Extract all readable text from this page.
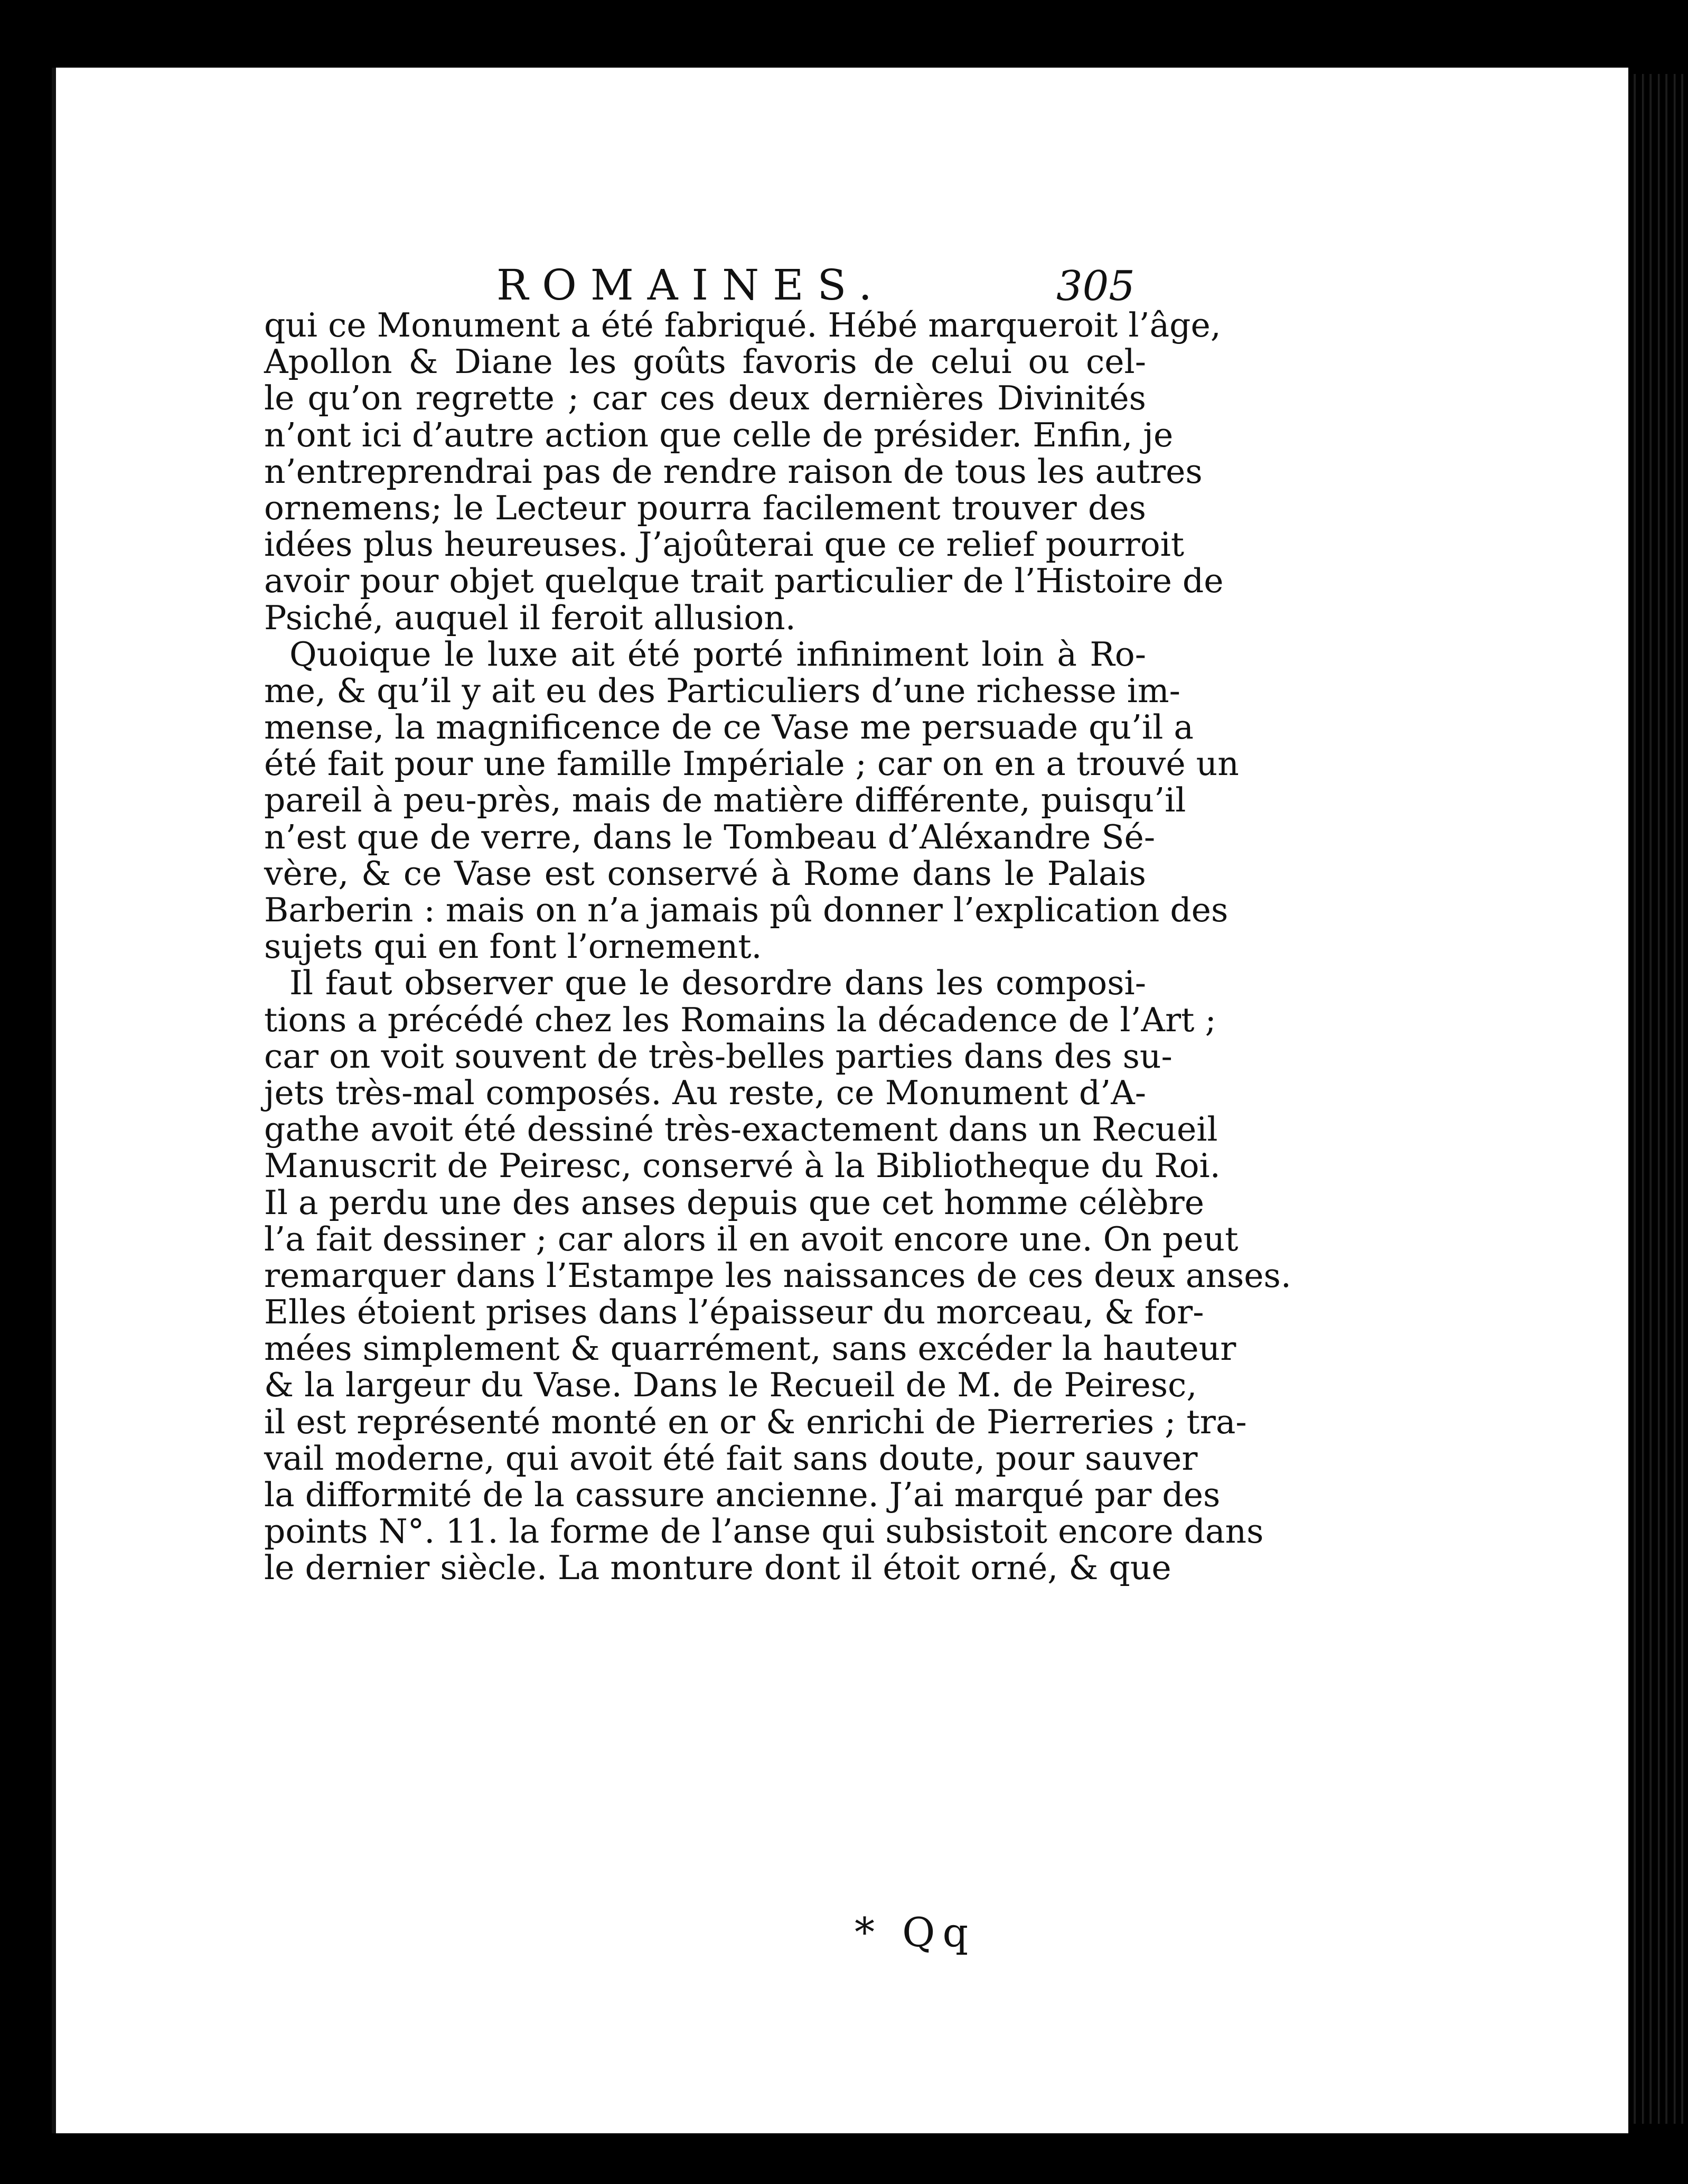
ROMAINES.	305
qui ce Monument a été fabriqué. Hébé marqueroit l’âge,
Apollon & Diane les goûts favoris de celui ou cel-
le qu’on regrette ; car ces deux dernières Divinités
n’ont ici d’autre action que celle de présider. Enfin, je
n’entreprendrai pas de rendre raison de tous les autres
ornemens; le Lecteur pourra facilement trouver des
idées plus heureuses. J’ajoûterai que ce relief pourroit
avoir pour objet quelque trait particulier de l’Histoire de
Psiché, auquel il feroit allusion.
Quoique le luxe ait été porté infiniment loin à Ro-
me, & qu’il y ait eu des Particuliers d’une richesse im-
mense, la magnificence de ce Vase me persuade qu’il a
été fait pour une famille Impériale ; car on en a trouvé un
pareil à peu-près, mais de matière différente, puisqu’il
n’est que de verre, dans le Tombeau d’Aléxandre Sé-
vère, & ce Vase est conservé à Rome dans le Palais
Barberin : mais on n’a jamais pû donner l’explication des
sujets qui en font l’ornement.
Il faut observer que le desordre dans les composi-
tions a précédé chez les Romains la décadence de l’Art ;
car on voit souvent de très-belles parties dans des su-
jets très-mal composés. Au reste, ce Monument d’A-
gathe avoit été dessiné très-exactement dans un Recueil
Manuscrit de Peiresc, conservé à la Bibliotheque du Roi.
Il a perdu une des anses depuis que cet homme célèbre
l’a fait dessiner ; car alors il en avoit encore une. On peut
remarquer dans l’Estampe les naissances de ces deux anses.
Elles étoient prises dans l’épaisseur du morceau, & for-
mées simplement & quarrément, sans excéder la hauteur
& la largeur du Vase. Dans le Recueil de M. de Peiresc,
il est représenté monté en or & enrichi de Pierreries ; tra-
vail moderne, qui avoit été fait sans doute, pour sauver
la difformité de la cassure ancienne. J’ai marqué par des
points N°. 11. la forme de l’anse qui subsistoit encore dans
le dernier siècle. La monture dont il étoit orné, & que
* Qq
